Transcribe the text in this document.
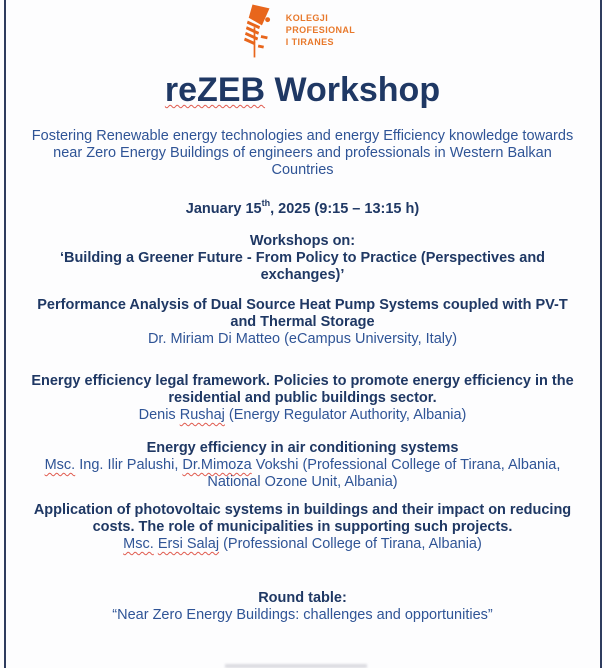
KOLEGJI
PROFESIONAL
I TIRANES
reZEB Workshop

Fostering Renewable energy technologies and energy Efficiency knowledge towards near Zero Energy Buildings of engineers and professionals in Western Balkan Countries

January 15th, 2025 (9:15 – 13:15 h)

Workshops on:

‘Building a Greener Future - From Policy to Practice (Perspectives and exchanges)’

Performance Analysis of Dual Source Heat Pump Systems coupled with PV-T and Thermal Storage

Dr. Miriam Di Matteo (eCampus University, Italy)

Energy efficiency legal framework. Policies to promote energy efficiency in the residential and public buildings sector.

Denis Rushaj (Energy Regulator Authority, Albania)

Energy efficiency in air conditioning systems

Msc. Ing. Ilir Palushi, Dr.Mimoza Vokshi (Professional College of Tirana, Albania, National Ozone Unit, Albania)

Application of photovoltaic systems in buildings and their impact on reducing costs. The role of municipalities in supporting such projects.

Msc. Ersi Salaj (Professional College of Tirana, Albania)

Round table:

“Near Zero Energy Buildings: challenges and opportunities”
